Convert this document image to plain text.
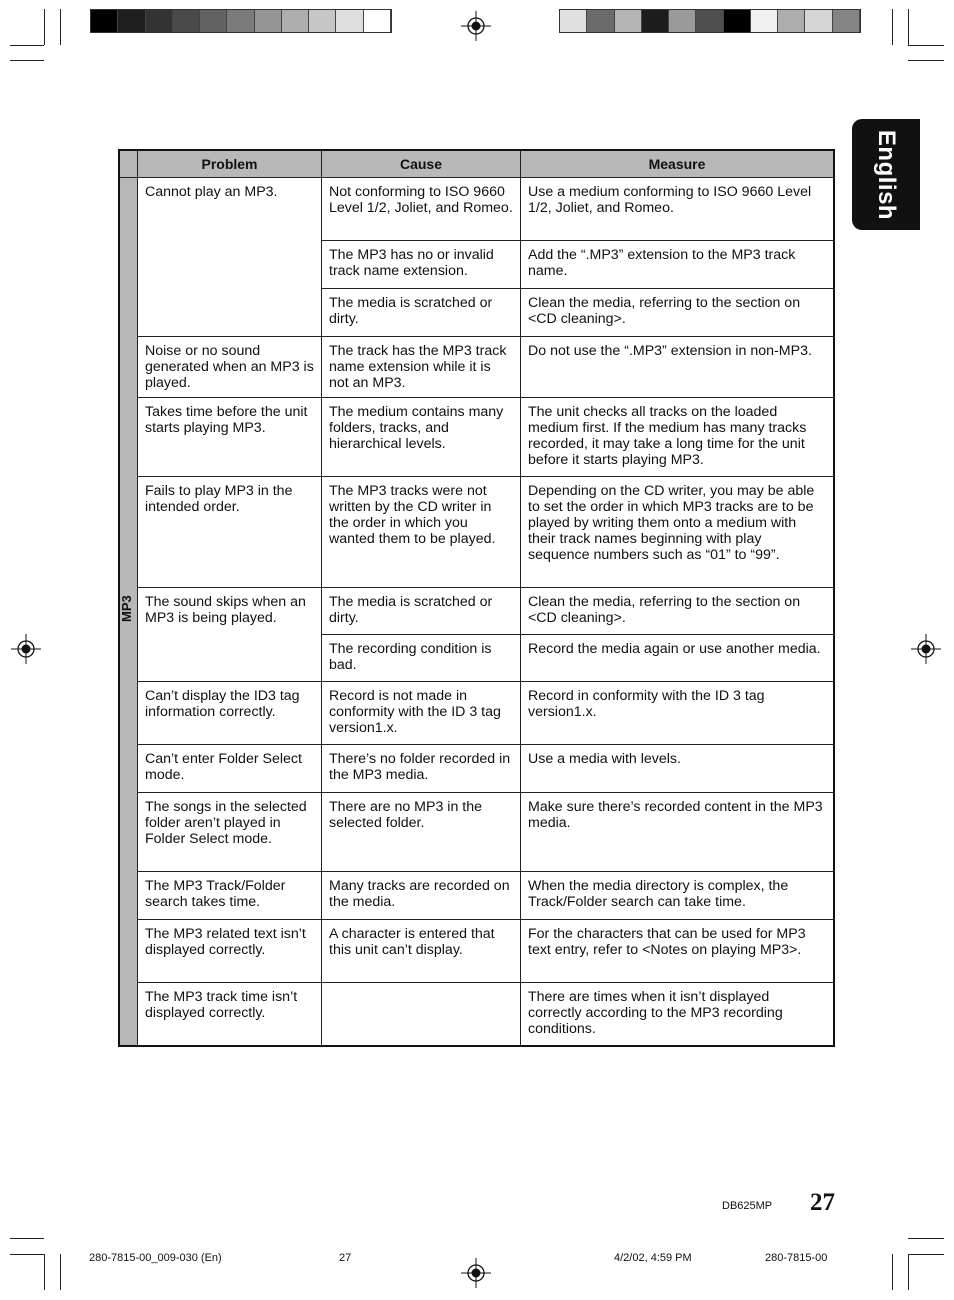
English
	Problem	Cause	Measure

MP3	Cannot play an MP3.	Not conforming to ISO 9660 Level 1/2, Joliet, and Romeo.	Use a medium conforming to ISO 9660 Level 1/2, Joliet, and Romeo.
		The MP3 has no or invalid track name extension.	Add the “.MP3” extension to the MP3 track name.
		The media is scratched or dirty.	Clean the media, referring to the section on <CD cleaning>.
	Noise or no sound generated when an MP3 is played.	The track has the MP3 track name extension while it is not an MP3.	Do not use the “.MP3” extension in non-MP3.
	Takes time before the unit starts playing MP3.	The medium contains many folders, tracks, and hierarchical levels.	The unit checks all tracks on the loaded medium first. If the medium has many tracks recorded, it may take a long time for the unit before it starts playing MP3.
	Fails to play MP3 in the intended order.	The MP3 tracks were not written by the CD writer in the order in which you wanted them to be played.	Depending on the CD writer, you may be able to set the order in which MP3 tracks are to be played by writing them onto a medium with their track names beginning with play sequence numbers such as “01” to “99”.
	The sound skips when an MP3 is being played.	The media is scratched or dirty.	Clean the media, referring to the section on <CD cleaning>.
		The recording condition is bad.	Record the media again or use another media.
	Can’t display the ID3 tag information correctly.	Record is not made in conformity with the ID 3 tag version1.x.	Record in conformity with the ID 3 tag version1.x.
	Can’t enter Folder Select mode.	There’s no folder recorded in the MP3 media.	Use a media with levels.
	The songs in the selected folder aren’t played in Folder Select mode.	There are no MP3 in the selected folder.	Make sure there’s recorded content in the MP3 media.
	The MP3 Track/Folder search takes time.	Many tracks are recorded on the media.	When the media directory is complex, the Track/Folder search can take time.
	The MP3 related text isn’t displayed correctly.	A character is entered that this unit can’t display.	For the characters that can be used for MP3 text entry, refer to <Notes on playing MP3>.
	The MP3 track time isn’t displayed correctly.		There are times when it isn’t displayed correctly according to the MP3 recording conditions.
DB625MP 27
280-7815-00_009-030 (En)	27	4/2/02, 4:59 PM	280-7815-00
